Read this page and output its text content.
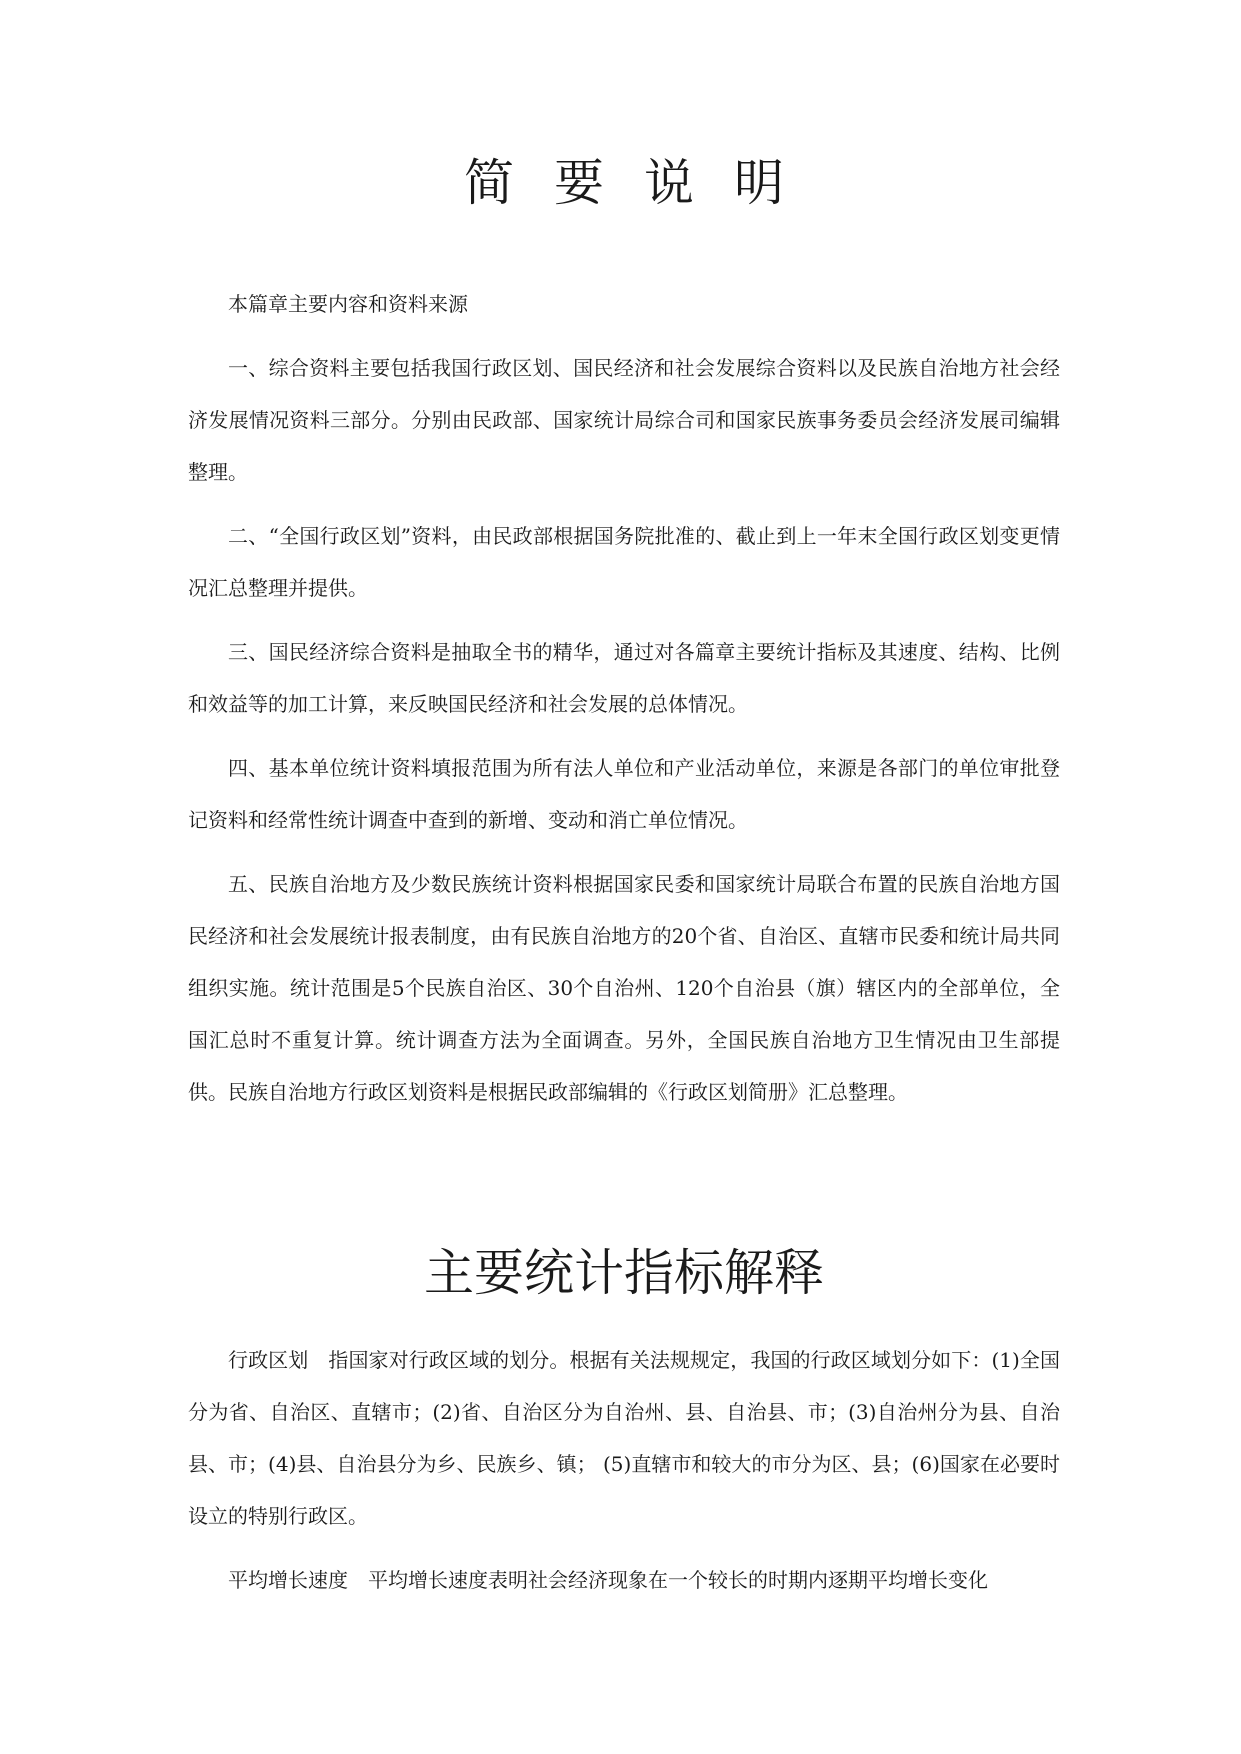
简要说明

本篇章主要内容和资料来源

一、综合资料主要包括我国行政区划、国民经济和社会发展综合资料以及民族自治地方社会经济发展情况资料三部分。分别由民政部、国家统计局综合司和国家民族事务委员会经济发展司编辑整理。

二、“全国行政区划”资料，由民政部根据国务院批准的、截止到上一年末全国行政区划变更情况汇总整理并提供。

三、国民经济综合资料是抽取全书的精华，通过对各篇章主要统计指标及其速度、结构、比例和效益等的加工计算，来反映国民经济和社会发展的总体情况。

四、基本单位统计资料填报范围为所有法人单位和产业活动单位，来源是各部门的单位审批登记资料和经常性统计调查中查到的新增、变动和消亡单位情况。

五、民族自治地方及少数民族统计资料根据国家民委和国家统计局联合布置的民族自治地方国民经济和社会发展统计报表制度，由有民族自治地方的20个省、自治区、直辖市民委和统计局共同组织实施。统计范围是5个民族自治区、30个自治州、120个自治县（旗）辖区内的全部单位，全国汇总时不重复计算。统计调查方法为全面调查。另外，全国民族自治地方卫生情况由卫生部提供。民族自治地方行政区划资料是根据民政部编辑的《行政区划简册》汇总整理。

主要统计指标解释

行政区划 指国家对行政区域的划分。根据有关法规规定，我国的行政区域划分如下：(1)全国分为省、自治区、直辖市；(2)省、自治区分为自治州、县、自治县、市；(3)自治州分为县、自治县、市；(4)县、自治县分为乡、民族乡、镇； (5)直辖市和较大的市分为区、县；(6)国家在必要时设立的特别行政区。

平均增长速度 平均增长速度表明社会经济现象在一个较长的时期内逐期平均增长变化
